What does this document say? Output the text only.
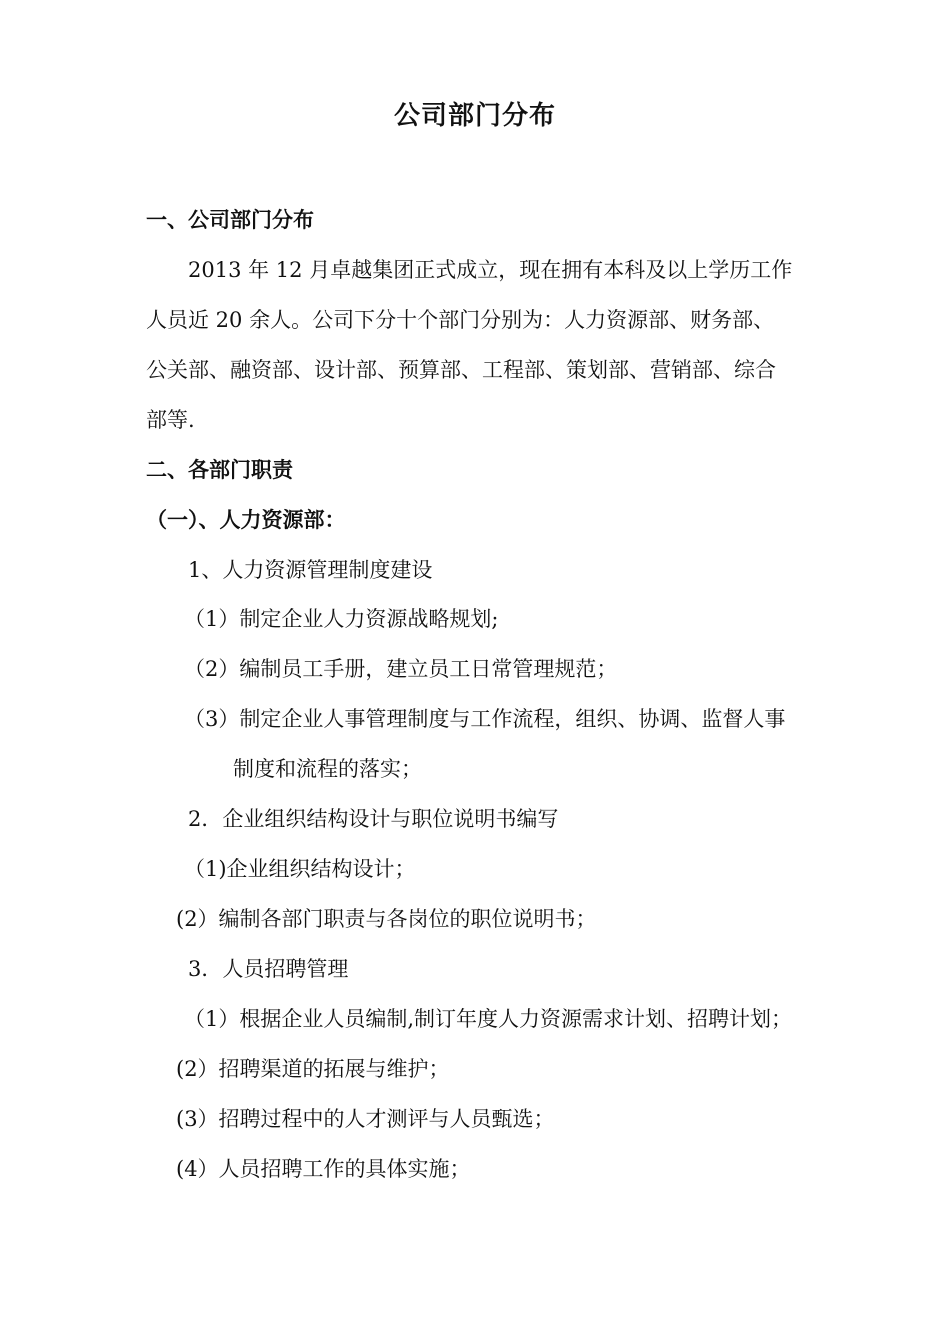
公司部门分布
一、公司部门分布
2013 年 12 月卓越集团正式成立，现在拥有本科及以上学历工作
人员近 20 余人。公司下分十个部门分别为：人力资源部、财务部、
公关部、融资部、设计部、预算部、工程部、策划部、营销部、综合
部等.
二、各部门职责
（一）、人力资源部：
1、人力资源管理制度建设
（1）制定企业人力资源战略规划;
（2）编制员工手册，建立员工日常管理规范；
（3）制定企业人事管理制度与工作流程，组织、协调、监督人事
制度和流程的落实；
2．企业组织结构设计与职位说明书编写
（1)企业组织结构设计；
(2）编制各部门职责与各岗位的职位说明书；
3．人员招聘管理
（1）根据企业人员编制,制订年度人力资源需求计划、招聘计划；
(2）招聘渠道的拓展与维护；
(3）招聘过程中的人才测评与人员甄选；
(4）人员招聘工作的具体实施；
